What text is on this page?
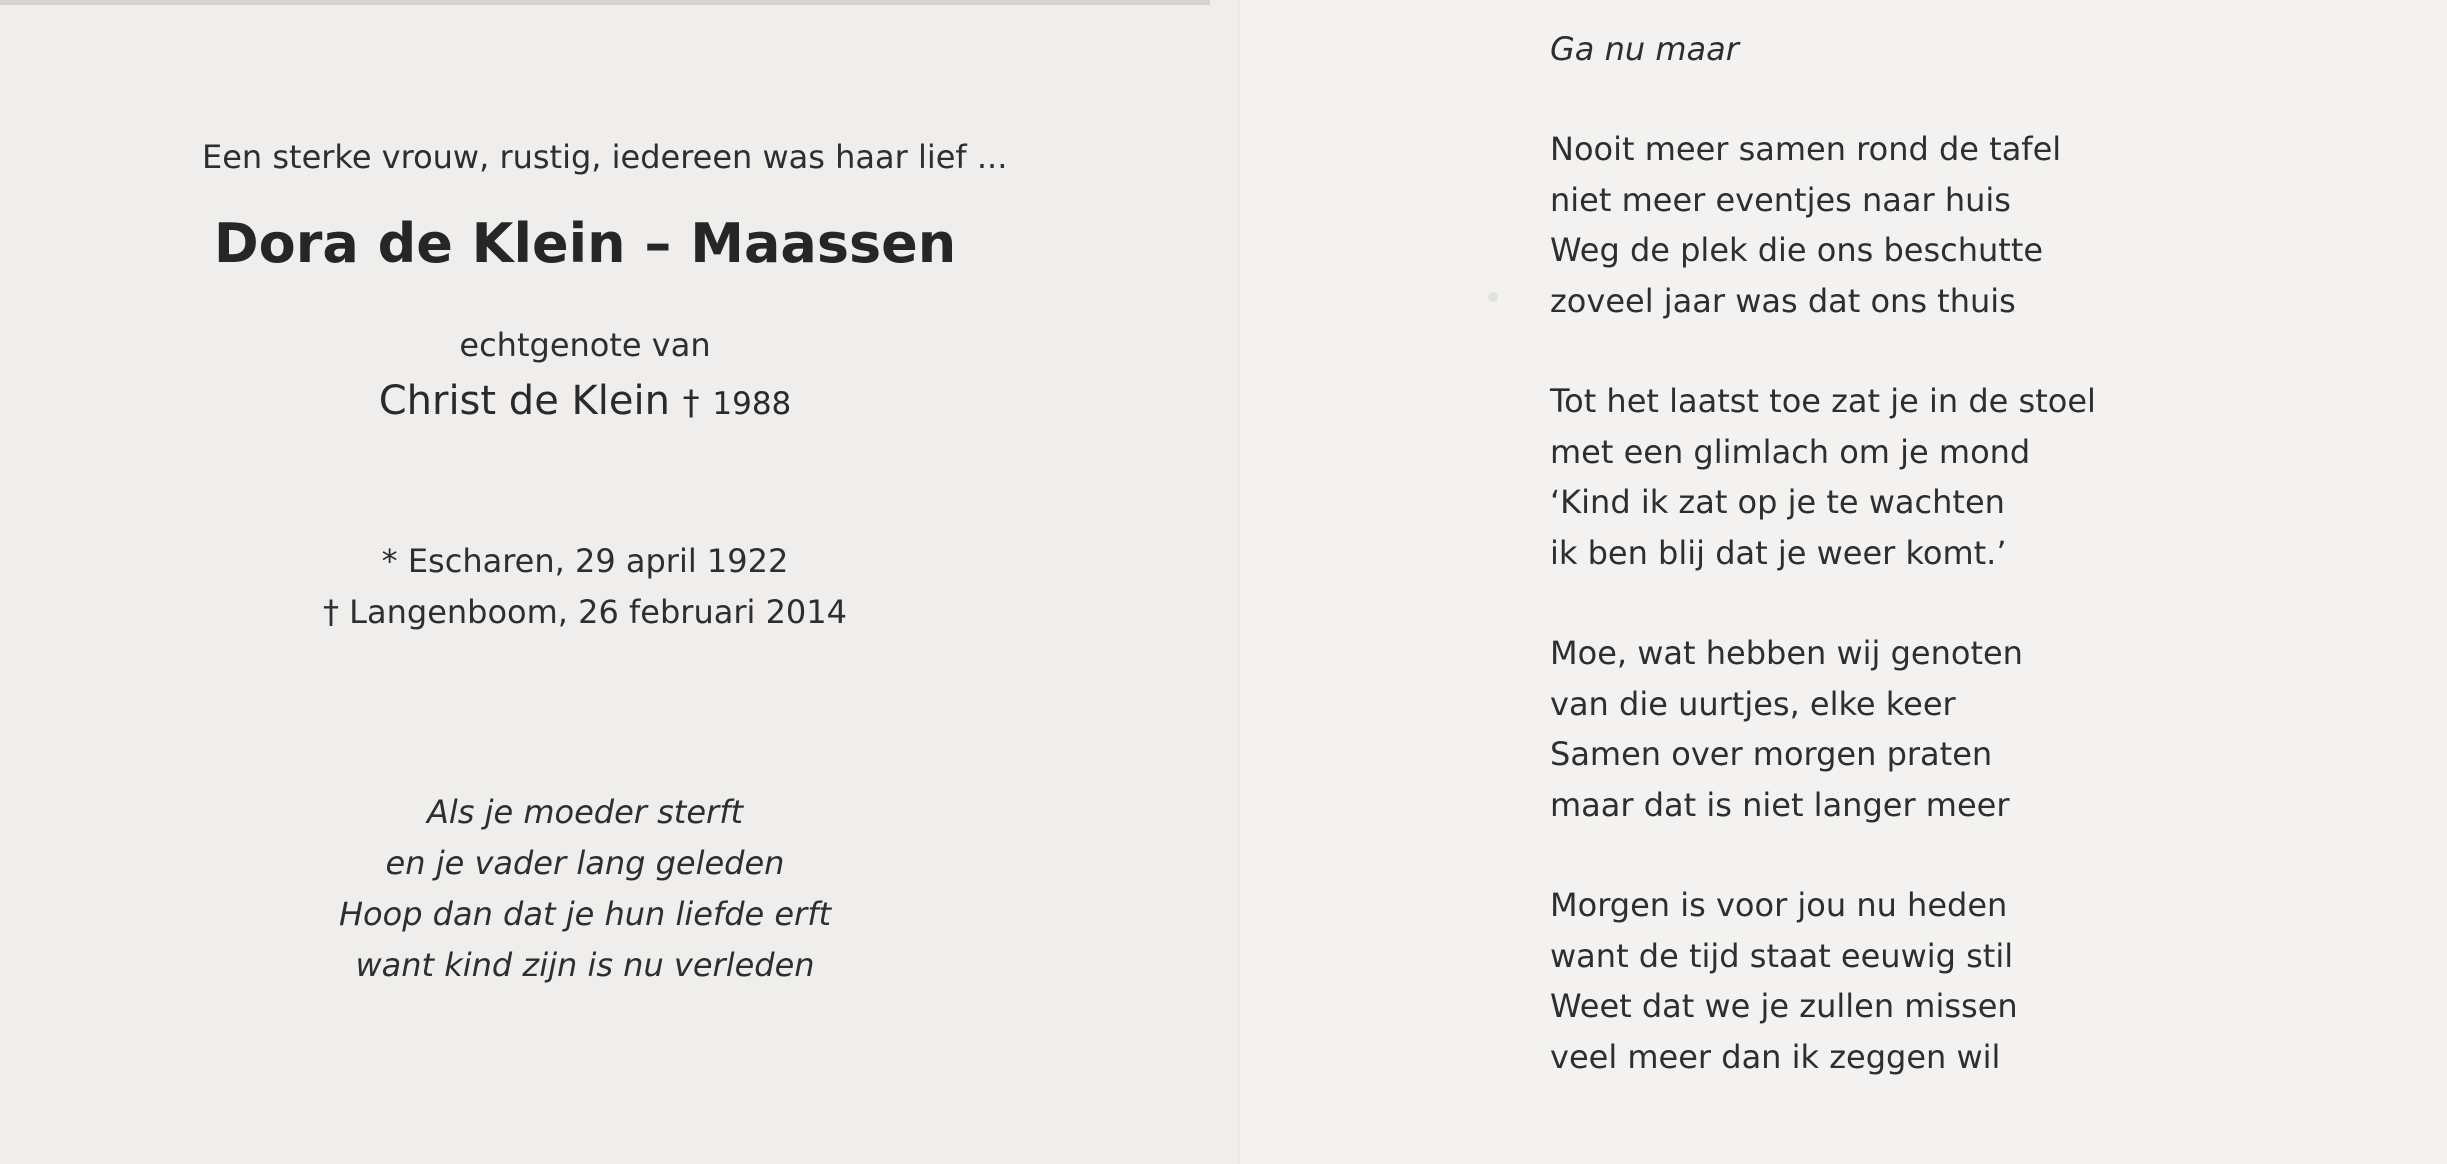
Een sterke vrouw, rustig, iedereen was haar lief ...
Dora de Klein – Maassen
echtgenote van
Christ de Klein † 1988
* Escharen, 29 april 1922
† Langenboom, 26 februari 2014
Als je moeder sterft
en je vader lang geleden
Hoop dan dat je hun liefde erft
want kind zijn is nu verleden
Ga nu maar
Nooit meer samen rond de tafel
niet meer eventjes naar huis
Weg de plek die ons beschutte
zoveel jaar was dat ons thuis
Tot het laatst toe zat je in de stoel
met een glimlach om je mond
‘Kind ik zat op je te wachten
ik ben blij dat je weer komt.’
Moe, wat hebben wij genoten
van die uurtjes, elke keer
Samen over morgen praten
maar dat is niet langer meer
Morgen is voor jou nu heden
want de tijd staat eeuwig stil
Weet dat we je zullen missen
veel meer dan ik zeggen wil
